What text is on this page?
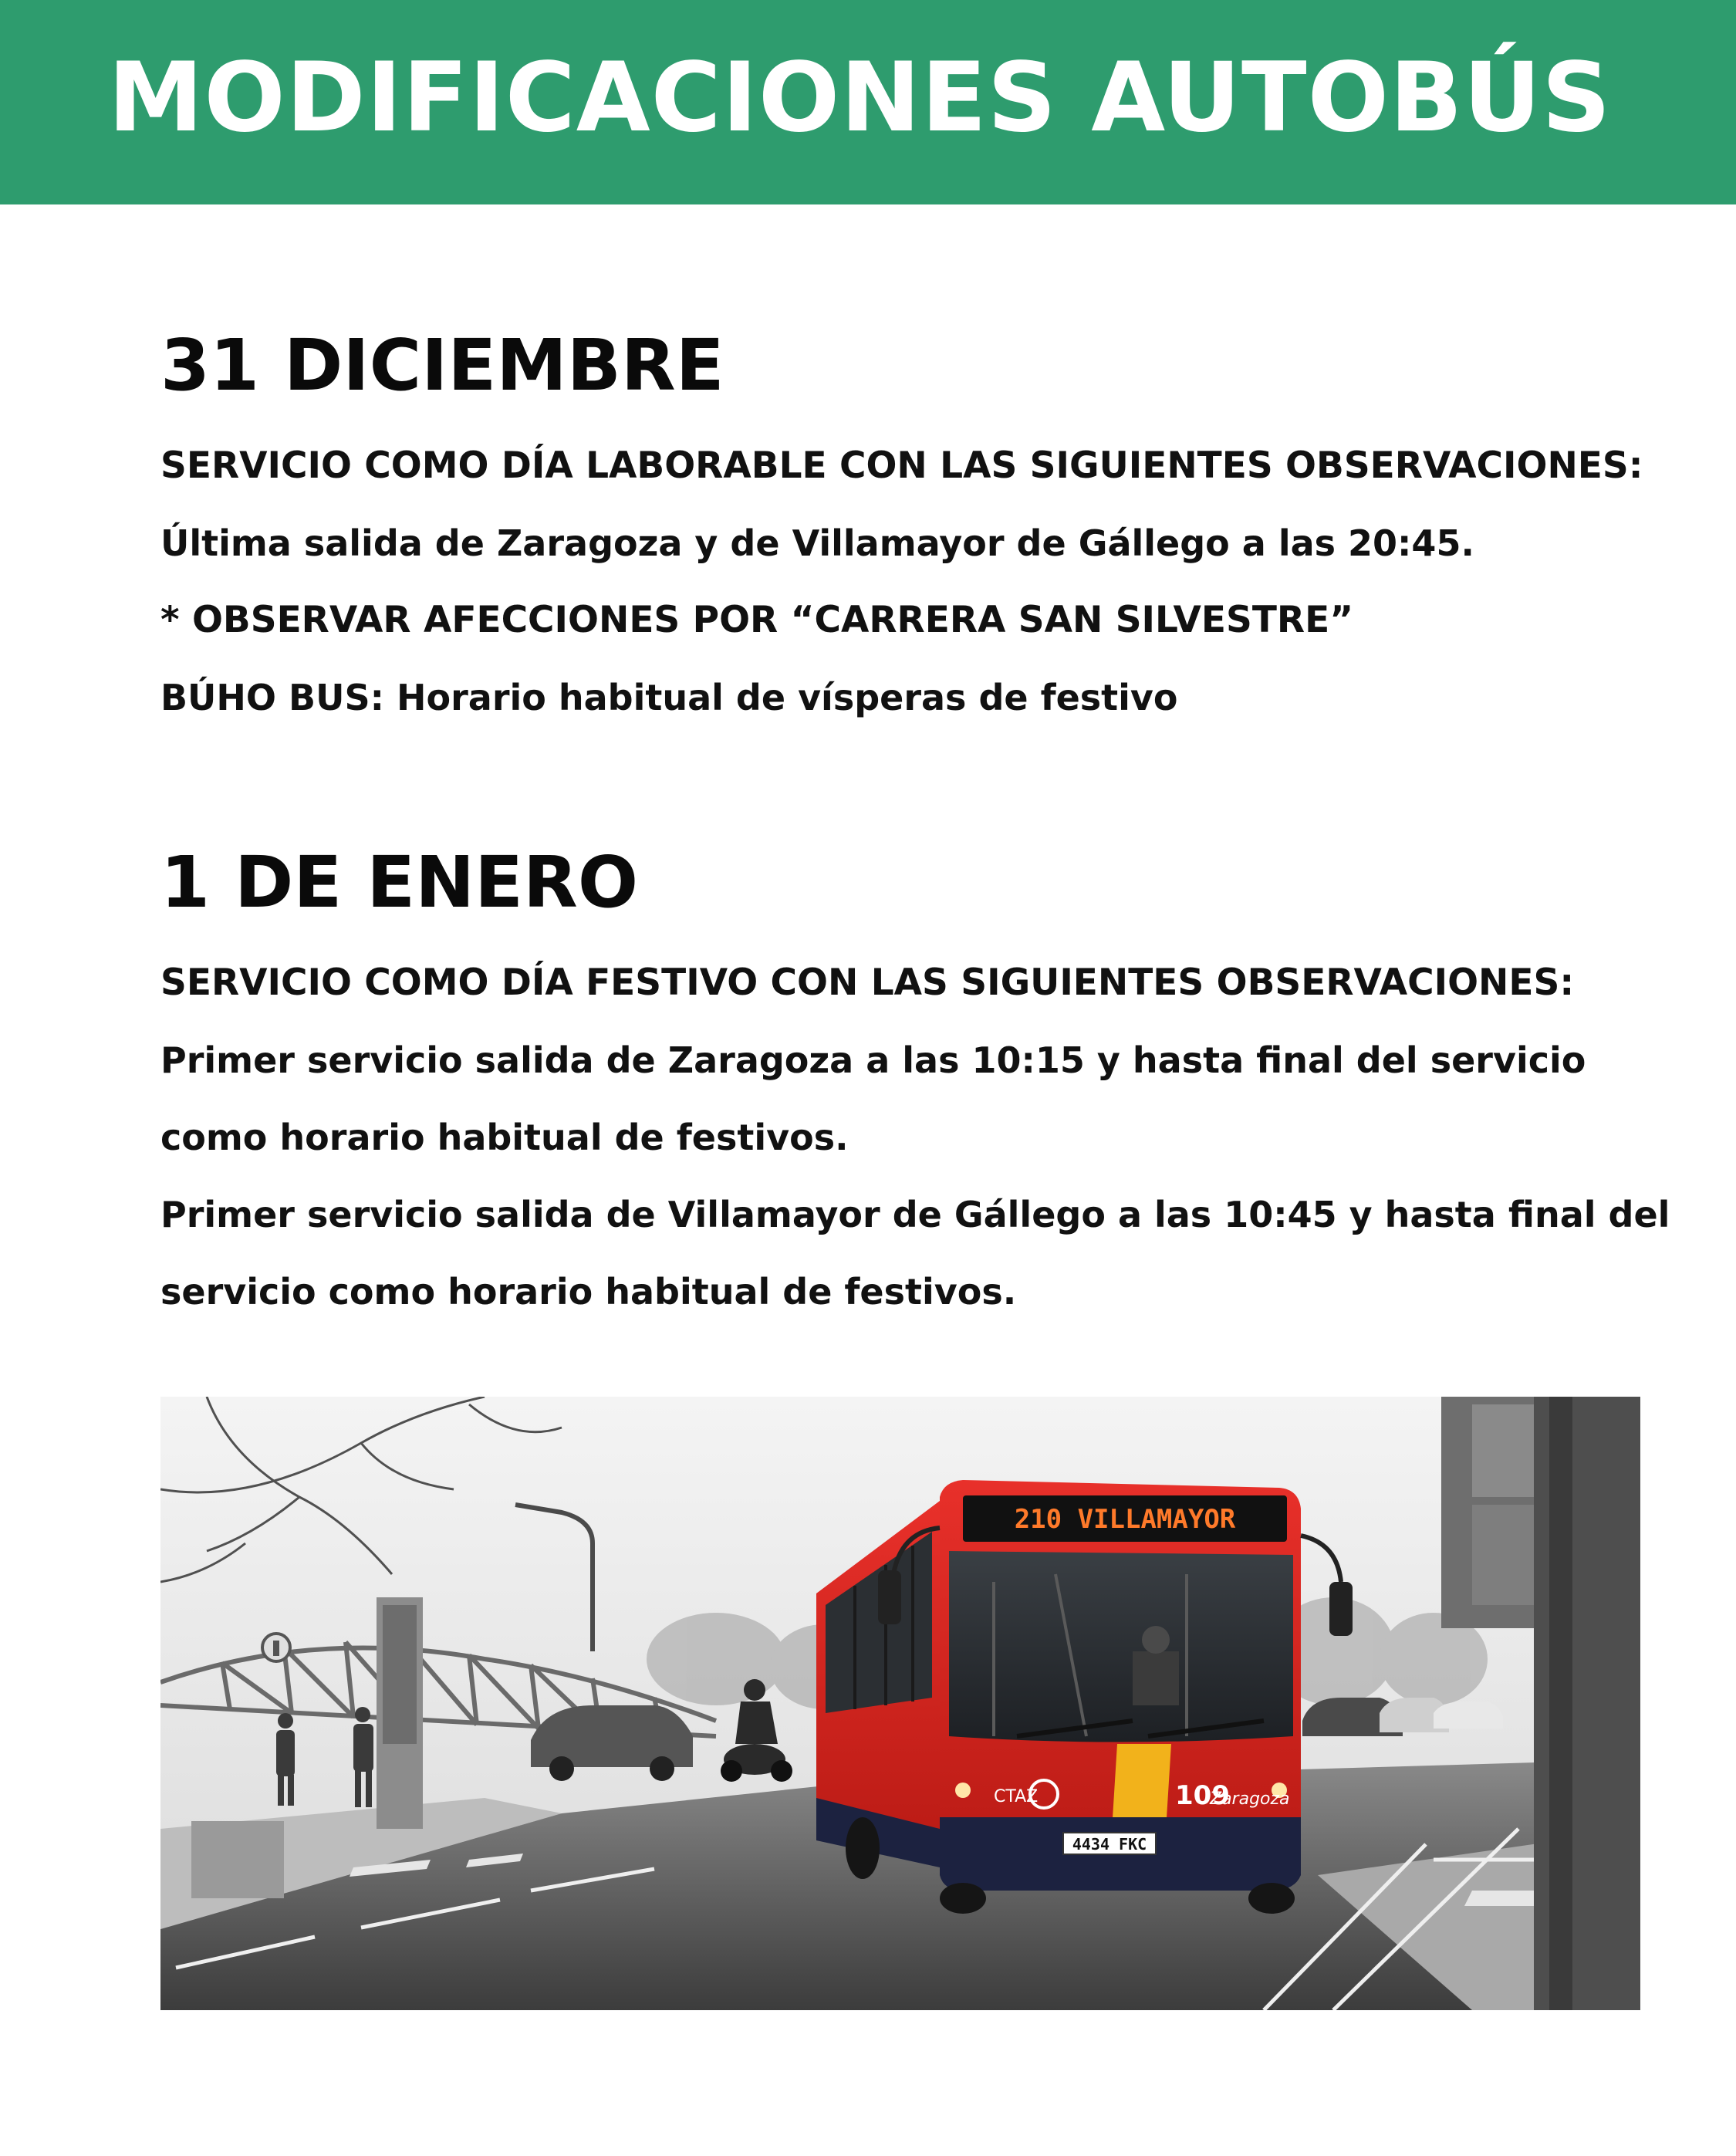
MODIFICACIONES AUTOBÚS
31 DICIEMBRE
SERVICIO COMO DÍA LABORABLE CON LAS SIGUIENTES OBSERVACIONES:
Última salida de Zaragoza y de Villamayor de Gállego a las 20:45.
* OBSERVAR AFECCIONES POR “CARRERA SAN SILVESTRE”
BÚHO BUS: Horario habitual de vísperas de festivo
1 DE ENERO
SERVICIO COMO DÍA FESTIVO CON LAS SIGUIENTES OBSERVACIONES:
Primer servicio salida de Zaragoza a las 10:15 y hasta final del servicio
como horario habitual de festivos.
Primer servicio salida de Villamayor de Gállego a las 10:45 y hasta final del
servicio como horario habitual de festivos.
210 VILLAMAYOR
CTAZ	109
Zaragoza
4434 FKC
